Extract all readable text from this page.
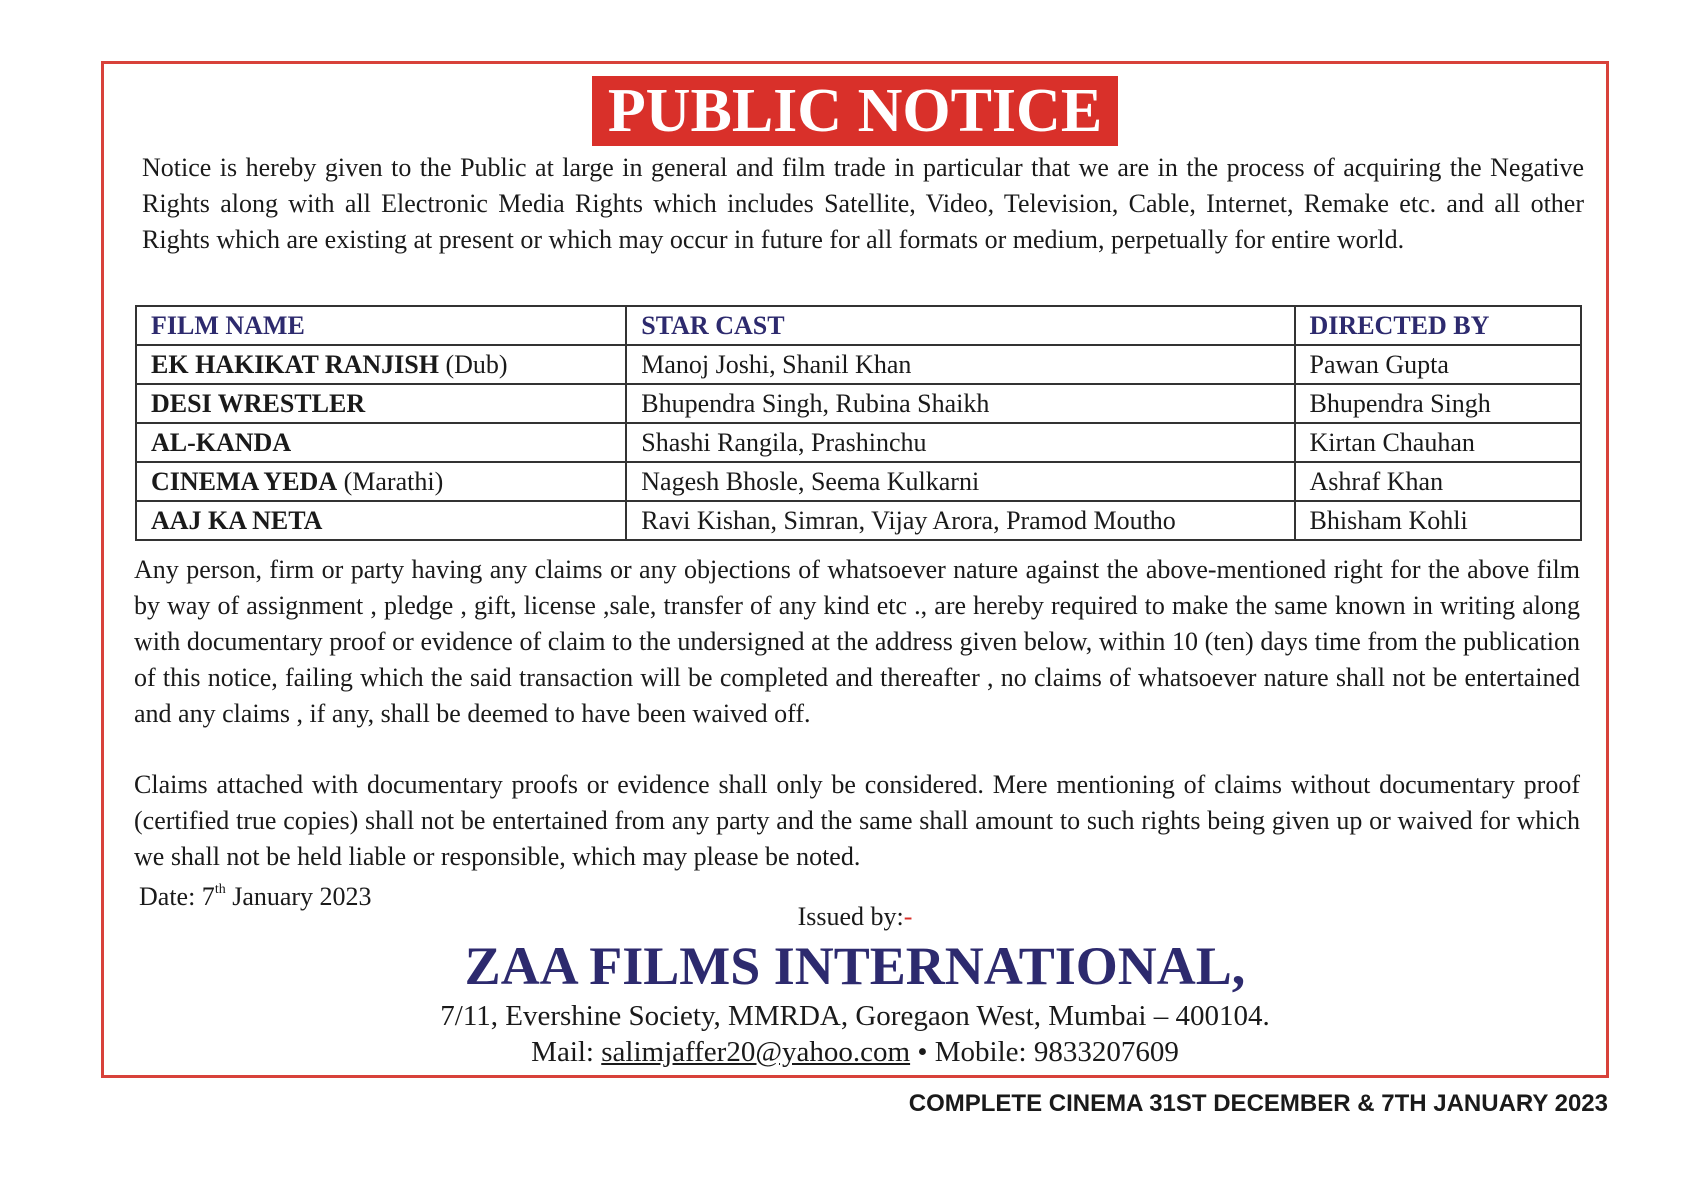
PUBLIC NOTICE

Notice is hereby given to the Public at large in general and film trade in particular that we are in the process of acquiring the Negative Rights along with all Electronic Media Rights which includes Satellite, Video, Television, Cable, Internet, Remake etc. and all other Rights which are existing at present or which may occur in future for all formats or medium, perpetually for entire world.

FILM NAME	STAR CAST	DIRECTED BY
EK HAKIKAT RANJISH (Dub)	Manoj Joshi, Shanil Khan	Pawan Gupta
DESI WRESTLER	Bhupendra Singh, Rubina Shaikh	Bhupendra Singh
AL-KANDA	Shashi Rangila, Prashinchu	Kirtan Chauhan
CINEMA YEDA (Marathi)	Nagesh Bhosle, Seema Kulkarni	Ashraf Khan
AAJ KA NETA	Ravi Kishan, Simran, Vijay Arora, Pramod Moutho	Bhisham Kohli

Any person, firm or party having any claims or any objections of whatsoever nature against the above-mentioned right for the above film by way of assignment , pledge , gift, license ,sale, transfer of any kind etc ., are hereby required to make the same known in writing along with documentary proof or evidence of claim to the undersigned at the address given below, within 10 (ten) days time from the publication of this notice, failing which the said transaction will be completed and thereafter , no claims of whatsoever nature shall not be entertained and any claims , if any, shall be deemed to have been waived off.

Claims attached with documentary proofs or evidence shall only be considered. Mere mentioning of claims without documentary proof (certified true copies) shall not be entertained from any party and the same shall amount to such rights being given up or waived for which we shall not be held liable or responsible, which may please be noted.

Date: 7th January 2023
Issued by:-
ZAA FILMS INTERNATIONAL,
7/11, Evershine Society, MMRDA, Goregaon West, Mumbai – 400104.
Mail: salimjaffer20@yahoo.com • Mobile: 9833207609
COMPLETE CINEMA 31ST DECEMBER & 7TH JANUARY 2023
